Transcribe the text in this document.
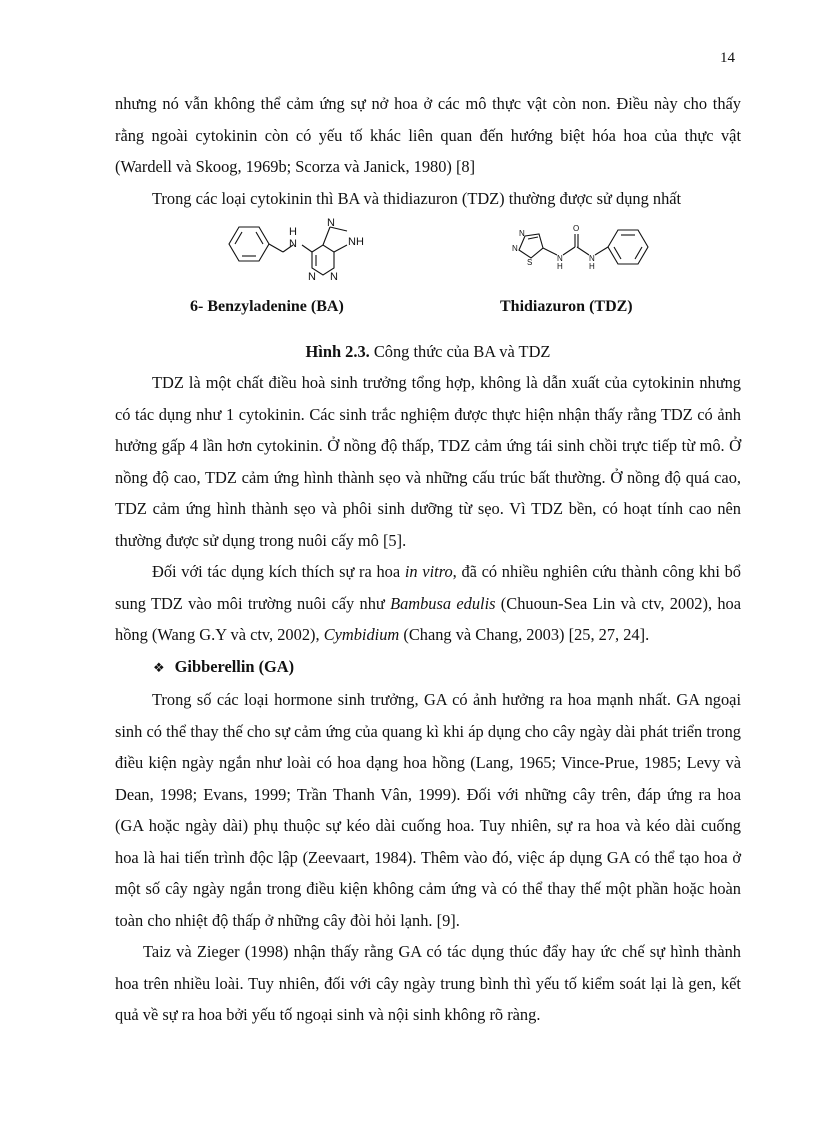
14

nhưng nó vẫn không thể cảm ứng sự nở hoa ở các mô thực vật còn non. Điều này cho thấy rằng ngoài cytokinin còn có yếu tố khác liên quan đến hướng biệt hóa hoa của thực vật (Wardell và Skoog, 1969b; Scorza và Janick, 1980) [8]

Trong các loại cytokinin thì BA và thidiazuron (TDZ) thường được sử dụng nhất

H
N
N
NH
N N
6- Benzyladenine (BA)
N
N
S	N
H
O
N
H
Thidiazuron (TDZ)

Hình 2.3. Công thức của BA và TDZ

TDZ là một chất điều hoà sinh trưởng tổng hợp, không là dẫn xuất của cytokinin nhưng có tác dụng như 1 cytokinin. Các sinh trắc nghiệm được thực hiện nhận thấy rằng TDZ có ảnh hưởng gấp 4 lần hơn cytokinin. Ở nồng độ thấp, TDZ cảm ứng tái sinh chồi trực tiếp từ mô. Ở nồng độ cao, TDZ cảm ứng hình thành sẹo và những cấu trúc bất thường. Ở nồng độ quá cao, TDZ cảm ứng hình thành sẹo và phôi sinh dưỡng từ sẹo. Vì TDZ bền, có hoạt tính cao nên thường được sử dụng trong nuôi cấy mô [5].

Đối với tác dụng kích thích sự ra hoa in vitro, đã có nhiều nghiên cứu thành công khi bổ sung TDZ vào môi trường nuôi cấy như Bambusa edulis (Chuoun-Sea Lin và ctv, 2002), hoa hồng (Wang G.Y và ctv, 2002), Cymbidium (Chang và Chang, 2003) [25, 27, 24].

❖ Gibberellin (GA)

Trong số các loại hormone sinh trưởng, GA có ảnh hưởng ra hoa mạnh nhất. GA ngoại sinh có thể thay thế cho sự cảm ứng của quang kì khi áp dụng cho cây ngày dài phát triển trong điều kiện ngày ngắn như loài có hoa dạng hoa hồng (Lang, 1965; Vince-Prue, 1985; Levy và Dean, 1998; Evans, 1999; Trần Thanh Vân, 1999). Đối với những cây trên, đáp ứng ra hoa (GA hoặc ngày dài) phụ thuộc sự kéo dài cuống hoa. Tuy nhiên, sự ra hoa và kéo dài cuống hoa là hai tiến trình độc lập (Zeevaart, 1984). Thêm vào đó, việc áp dụng GA có thể tạo hoa ở một số cây ngày ngắn trong điều kiện không cảm ứng và có thể thay thế một phần hoặc hoàn toàn cho nhiệt độ thấp ở những cây đòi hỏi lạnh. [9].

Taiz và Zieger (1998) nhận thấy rằng GA có tác dụng thúc đẩy hay ức chế sự hình thành hoa trên nhiều loài. Tuy nhiên, đối với cây ngày trung bình thì yếu tố kiểm soát lại là gen, kết quả về sự ra hoa bởi yếu tố ngoại sinh và nội sinh không rõ ràng.
